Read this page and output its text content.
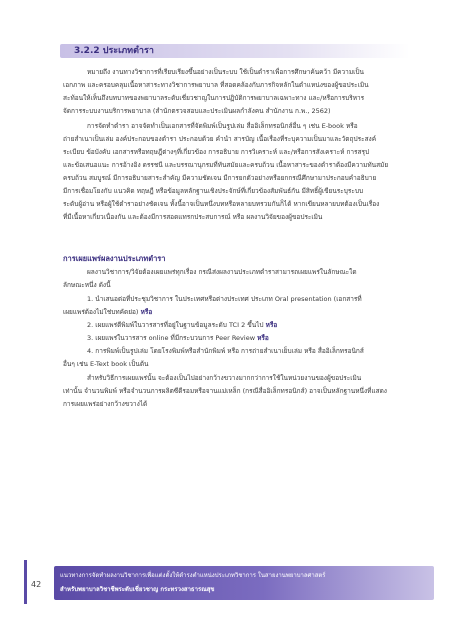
3.2.2 ประเภทตำรา
หมายถึง งานทางวิชาการที่เรียบเรียงขึ้นอย่างเป็นระบบ ใช้เป็นตำราเพื่อการศึกษาค้นคว้า มีความเป็น
เอกภาพ และครอบคลุมเนื้อหาสาระทางวิชาการพยาบาล ที่สอดคล้องกับภารกิจหลักในตำแหน่งของผู้ขอประเมิน
สะท้อนให้เห็นถึงบทบาทของพยาบาลระดับเชี่ยวชาญในการปฏิบัติการพยาบาลเฉพาะทาง และ/หรือการบริหาร
จัดการระบบงานบริการพยาบาล (สำนักตรวจสอบและประเมินผลกำลังคน สำนักงาน ก.พ., 2562)
การจัดทำตำรา อาจจัดทำเป็นเอกสารที่จัดพิมพ์เป็นรูปเล่ม สื่ออิเล็กทรอนิกส์อื่น ๆ เช่น E-book หรือ
ถ่ายสำเนาเป็นเล่ม องค์ประกอบของตำรา ประกอบด้วย คำนำ สารบัญ เนื้อเรื่องที่ระบุความเป็นมาและวัตถุประสงค์
ระเบียบ ข้อบังคับ เอกสารหรือทฤษฎีต่างๆที่เกี่ยวข้อง การอธิบาย การวิเคราะห์ และ/หรือการสังเคราะห์ การสรุป
และข้อเสนอแนะ การอ้างอิง ดรรชนี และบรรณานุกรมที่ทันสมัยและครบถ้วน เนื้อหาสาระของตำราต้องมีความทันสมัย
ครบถ้วน สมบูรณ์ มีการอธิบายสาระสำคัญ มีความชัดเจน มีการยกตัวอย่างหรือยกกรณีศึกษามาประกอบคำอธิบาย
มีการเชื่อมโยงกับ แนวคิด ทฤษฎี หรือข้อมูลหลักฐานเชิงประจักษ์ที่เกี่ยวข้องสัมพันธ์กัน มีสิทธิ์ผู้เขียนระบุระบบ
ระดับผู้อ่าน หรือผู้ใช้ตำราอย่างชัดเจน ทั้งนี้อาจเป็นหนึ่งบทหรือหลายบทรวมกันก็ได้ หากเขียนหลายบทต้องเป็นเรื่อง
ที่มีเนื้อหาเกี่ยวเนื่องกัน และต้องมีการสอดแทรกประสบการณ์ หรือ ผลงานวิจัยของผู้ขอประเมิน
การเผยแพร่ผลงานประเภทตำรา
ผลงานวิชาการ/วิจัยต้องเผยแพร่ทุกเรื่อง กรณีส่งผลงานประเภทตำราสามารถเผยแพร่ในลักษณะใด
ลักษณะหนึ่ง ดังนี้
1. นำเสนอต่อที่ประชุมวิชาการ ในประเทศหรือต่างประเทศ ประเภท Oral presentation (เอกสารที่
เผยแพร่ต้องไม่ใช่บทคัดย่อ) หรือ
2. เผยแพร่ตีพิมพ์ในวารสารที่อยู่ในฐานข้อมูลระดับ TCI 2 ขึ้นไป หรือ
3. เผยแพร่ในวารสาร online ที่มีกระบวนการ Peer Review หรือ
4. การพิมพ์เป็นรูปเล่ม โดยโรงพิมพ์หรือสำนักพิมพ์ หรือ การถ่ายสำเนาเย็บเล่ม หรือ สื่ออิเล็กทรอนิกส์
อื่นๆ เช่น E-Text book เป็นต้น
สำหรับวิธีการเผยแพร่นั้น จะต้องเป็นไปอย่างกว้างขวางมากกว่าการใช้ในหน่วยงานของผู้ขอประเมิน
เท่านั้น จำนวนพิมพ์ หรือจำนวนการผลิตซีดีรอมหรือจานแม่เหล็ก (กรณีสื่ออิเล็กทรอนิกส์) อาจเป็นหลักฐานหนึ่งที่แสดง
การเผยแพร่อย่างกว้างขวางได้
42
แนวทางการจัดทำผลงานวิชาการเพื่อแต่งตั้งให้ดำรงตำแหน่งประเภทวิชาการ ในสายงานพยาบาลศาสตร์
สำหรับพยาบาลวิชาชีพระดับเชี่ยวชาญ กระทรวงสาธารณสุข
